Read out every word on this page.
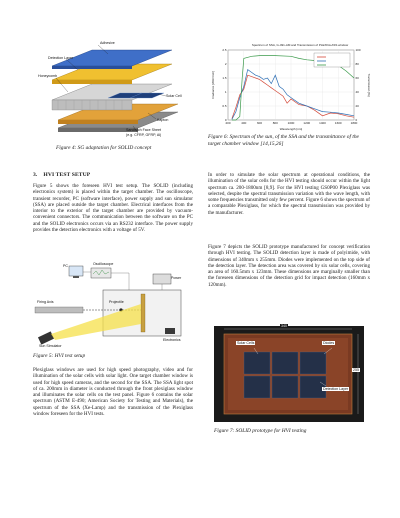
Adhesive
Detection Layer
Honeycomb
Solar Cell
Kapton
Sandwich Face Sheet
(e.g. CFRP, GFRP, Al)
Figure 4: SG adaptation for SOLID concept
Spectrum of SSA, G-491-AM and Transmission of PLEXIGLASS window
200	400	600	800	1000	1200	1400	1600	1800
0
0.5
1
1.5
2
2.5
0
20
40
60
80
100
Wavelength [nm]
Irradiance [W/m²/nm]	Transmission [%]
Figure 6: Spectrum of the sun, of the SSA and the transmittance of the target chamber window [14,15,26]
3.    HVI TEST SETUP
Figure 5 shows the foreseen HVI test setup. The SOLID (including electronics system) is placed within the target chamber. The oscilloscope, transient recorder, PC (software interface), power supply and sun simulator (SSA) are placed outside the target chamber. Electrical interfaces from the interior to the exterior of the target chamber are provided by vacuum-convenient connectors. The communication between the software on the PC and the SOLID electronics occurs via an RS232 interface. The power supply provides the detection electronics with a voltage of 5V.
PC	Oscilloscope
Power
Firing Axis	Projectile
Electronics
Sun Simulator
Figure 5: HVI test setup
Plexiglass windows are used for high speed photography, video and for illumination of the solar cells with solar light. One target chamber window is used for high speed cameras, and the second for the SSA. The SSA light spot of ca. 200mm in diameter is conducted through the front plexiglass window and illuminates the solar cells on the test panel. Figure 6 contains the solar spectrum (ASTM E-490; American Society for Testing and Materials), the spectrum of the SSA (Xe-Lamp) and the transmission of the Plexiglass window foreseen for the HVI tests.
In order to simulate the solar spectrum at operational conditions, the illumination of the solar cells for the HVI testing should occur within the light spectrum ca. 200-1800nm [8,9]. For the HVI testing GS0P00 Plexiglass was selected, despite the spectral transmission variation with the wave length, with some frequencies transmitted only few percent. Figure 6 shows the spectrum of a comparable Plexiglass, for which the spectral transmission was provided by the manufacturer.
Figure 7 depicts the SOLID prototype manufactured for concept verification through HVI testing. The SOLID detection layer is made of polyimide, with dimensions of 340mm x 255mm. Diodes were implemented on the top side of the detection layer. The detection area was covered by six solar cells, covering an area of 160.5mm x 123mm. These dimensions are marginally smaller than the foreseen dimensions of the detection grid for impact detection (160mm x 120mm).
340
255
Solar Cells	Diodes
Detection Layer
Figure 7: SOLID prototype for HVI testing
